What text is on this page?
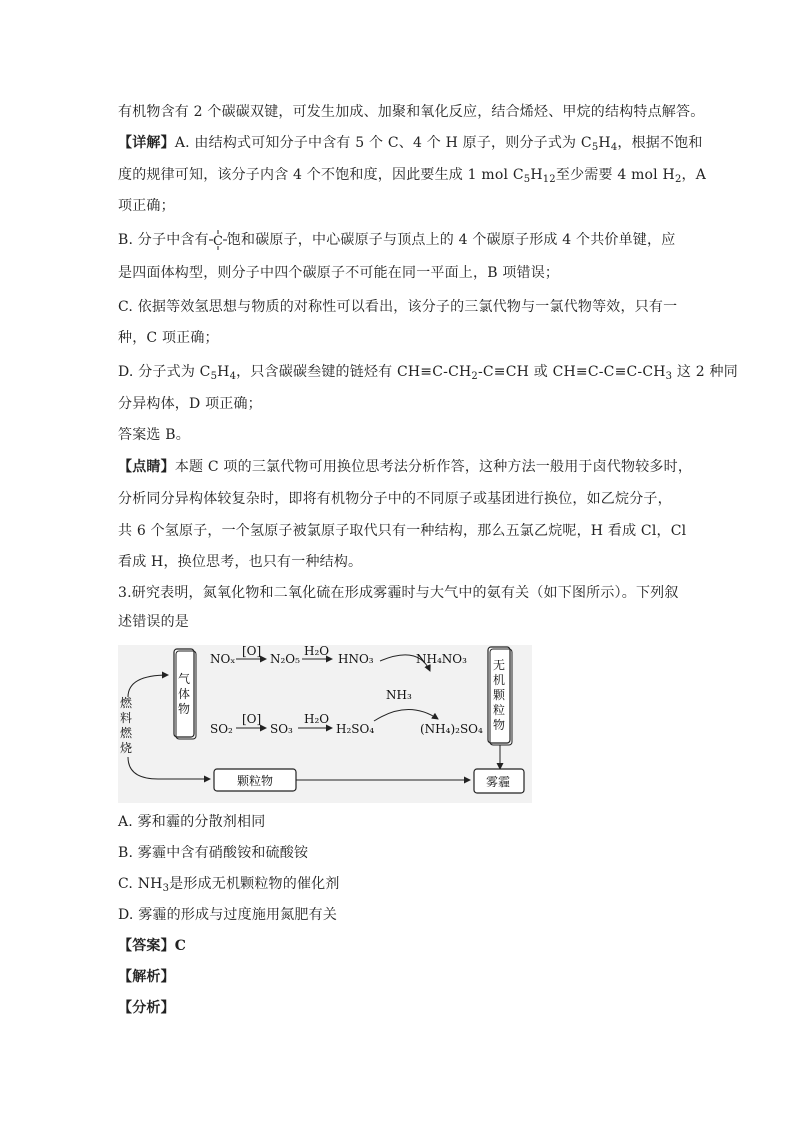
有机物含有 2 个碳碳双键，可发生加成、加聚和氧化反应，结合烯烃、甲烷的结构特点解答。
【详解】A. 由结构式可知分子中含有 5 个 C、4 个 H 原子，则分子式为 $C_5H_4$，根据不饱和
度的规律可知，该分子内含 4 个不饱和度，因此要生成 1 mol $C_5H_{12}$至少需要 4 mol $H_2$，A
项正确；
B. 分子中含有 C 饱和碳原子，中心碳原子与顶点上的 4 个碳原子形成 4 个共价单键，应
是四面体构型，则分子中四个碳原子不可能在同一平面上，B 项错误；
C. 依据等效氢思想与物质的对称性可以看出，该分子的三氯代物与一氯代物等效，只有一
种，C 项正确；
D. 分子式为 $C_5H_4$，只含碳碳叁键的链烃有 $CH\equiv C-CH_2-C\equiv CH$ 或 $CH\equiv C-C\equiv C-CH_3$ 这 2 种同
分异构体，D 项正确；
答案选 B。
【点睛】本题 C 项的三氯代物可用换位思考法分析作答，这种方法一般用于卤代物较多时，
分析同分异构体较复杂时，即将有机物分子中的不同原子或基团进行换位，如乙烷分子，
共 6 个氢原子，一个氢原子被氯原子取代只有一种结构，那么五氯乙烷呢，H 看成 Cl，Cl
看成 H，换位思考，也只有一种结构。
3.研究表明，氮氧化物和二氧化硫在形成雾霾时与大气中的氨有关（如下图所示）。下列叙
述错误的是
燃
料
燃
烧
气
体
物
NOₓ
[O]
N₂O₅
H₂O
HNO₃	NH₄NO₃
NH₃
SO₂
[O]
SO₃
H₂O
H₂SO₄	(NH₄)₂SO₄
无
机
颗
粒
物
颗粒物	雾霾
A. 雾和霾的分散剂相同
B. 雾霾中含有硝酸铵和硫酸铵
C. $NH_3$是形成无机颗粒物的催化剂
D. 雾霾的形成与过度施用氮肥有关
【答案】C
【解析】
【分析】
